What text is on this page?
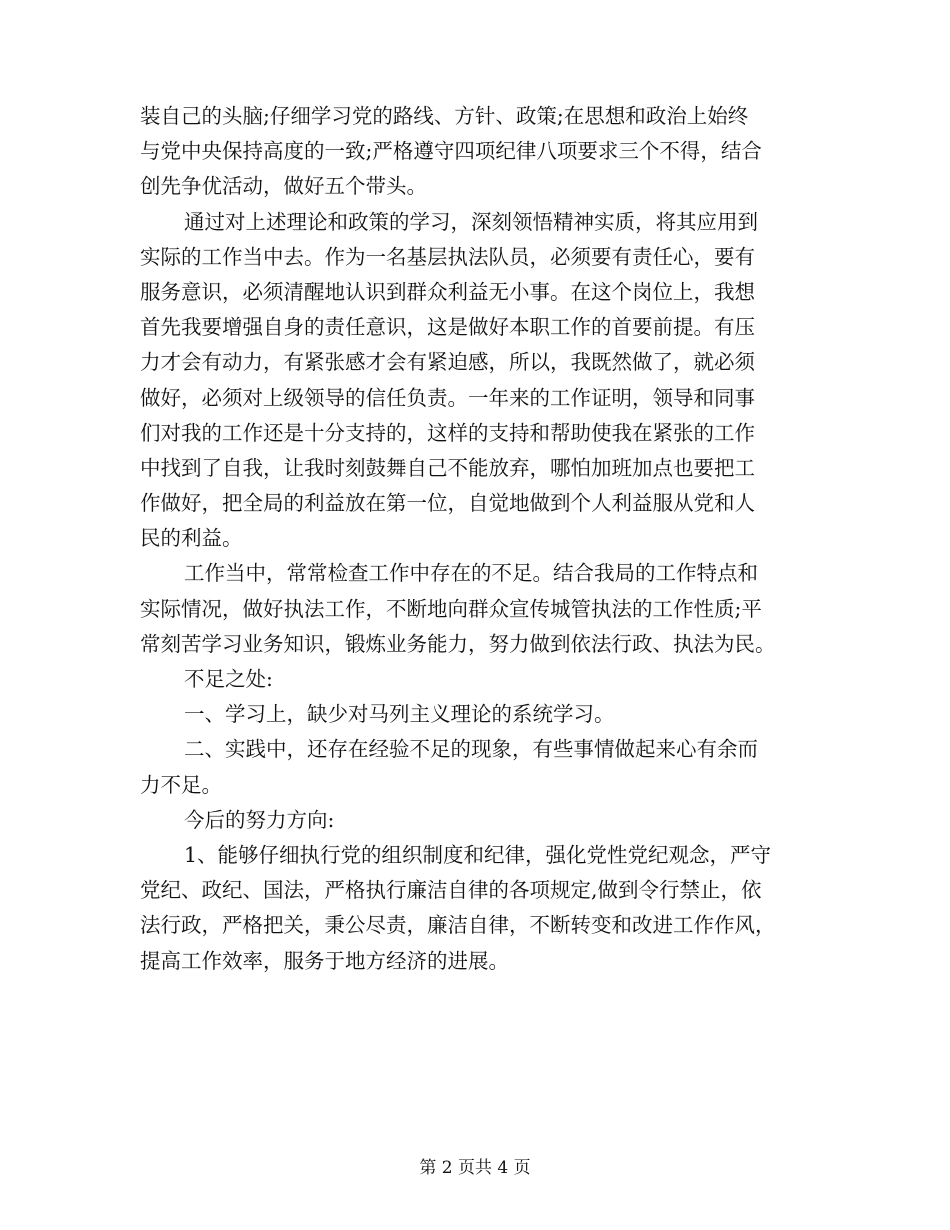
装自己的头脑;仔细学习党的路线、方针、政策;在思想和政治上始终
与党中央保持高度的一致;严格遵守四项纪律八项要求三个不得，结合
创先争优活动，做好五个带头。
通过对上述理论和政策的学习，深刻领悟精神实质，将其应用到
实际的工作当中去。作为一名基层执法队员，必须要有责任心，要有
服务意识，必须清醒地认识到群众利益无小事。在这个岗位上，我想
首先我要增强自身的责任意识，这是做好本职工作的首要前提。有压
力才会有动力，有紧张感才会有紧迫感，所以，我既然做了，就必须
做好，必须对上级领导的信任负责。一年来的工作证明，领导和同事
们对我的工作还是十分支持的，这样的支持和帮助使我在紧张的工作
中找到了自我，让我时刻鼓舞自己不能放弃，哪怕加班加点也要把工
作做好，把全局的利益放在第一位，自觉地做到个人利益服从党和人
民的利益。
工作当中，常常检查工作中存在的不足。结合我局的工作特点和
实际情况，做好执法工作，不断地向群众宣传城管执法的工作性质;平
常刻苦学习业务知识，锻炼业务能力，努力做到依法行政、执法为民。
不足之处:
一、学习上，缺少对马列主义理论的系统学习。
二、实践中，还存在经验不足的现象，有些事情做起来心有余而
力不足。
今后的努力方向:
1、能够仔细执行党的组织制度和纪律，强化党性党纪观念，严守
党纪、政纪、国法，严格执行廉洁自律的各项规定,做到令行禁止，依
法行政，严格把关，秉公尽责，廉洁自律，不断转变和改进工作作风，
提高工作效率，服务于地方经济的进展。
第 2 页共 4 页
